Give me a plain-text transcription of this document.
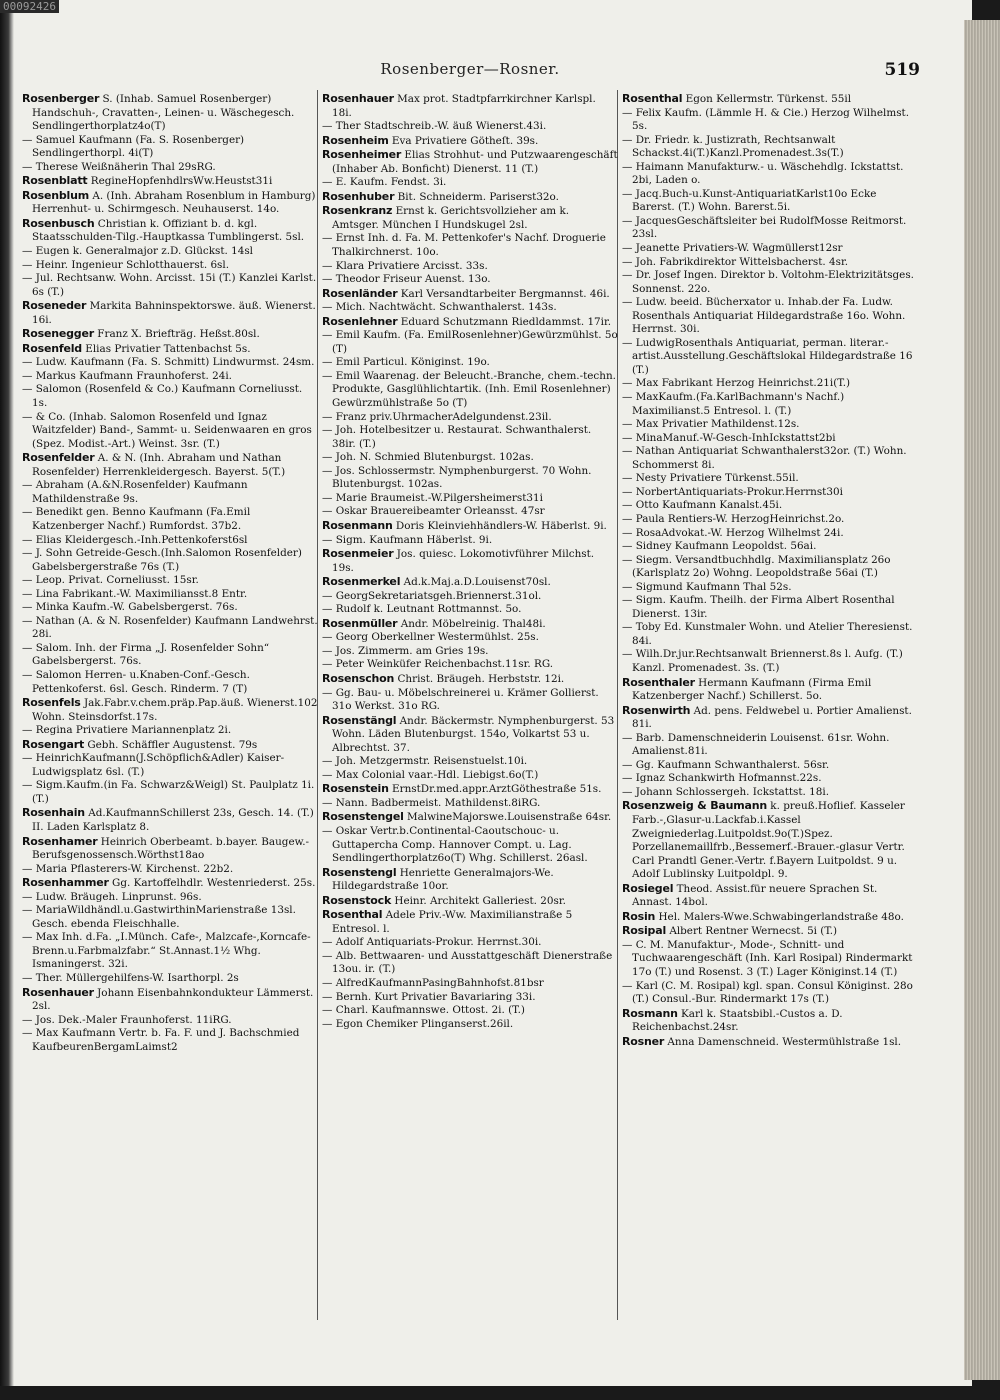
00092426
Rosenberger—Rosner.	519

Rosenberger S. (Inhab. Samuel Rosenberger) Handschuh-, Cravatten-, Leinen- u. Wäschegesch. Sendlingerthorplatz4o(T)

— Samuel Kaufmann (Fa. S. Rosenberger) Sendlingerthorpl. 4i(T)

— Therese Weißnäherin Thal 29sRG.

Rosenblatt RegineHopfenhdlrsWw.Heustst31i

Rosenblum A. (Inh. Abraham Rosenblum in Hamburg) Herrenhut- u. Schirmgesch. Neuhauserst. 14o.

Rosenbusch Christian k. Offiziant b. d. kgl. Staatsschulden-Tilg.-Hauptkassa Tumblingerst. 5sl.

— Eugen k. Generalmajor z.D. Glückst. 14sl

— Heinr. Ingenieur Schlotthauerst. 6sl.

— Jul. Rechtsanw. Wohn. Arcisst. 15i (T.) Kanzlei Karlst. 6s (T.)

Roseneder Markita Bahninspektorswe. äuß. Wienerst. 16i.

Rosenegger Franz X. Briefträg. Heßst.80sl.

Rosenfeld Elias Privatier Tattenbachst 5s.

— Ludw. Kaufmann (Fa. S. Schmitt) Lindwurmst. 24sm.

— Markus Kaufmann Fraunhoferst. 24i.

— Salomon (Rosenfeld & Co.) Kaufmann Corneliusst. 1s.

— & Co. (Inhab. Salomon Rosenfeld und Ignaz Waitzfelder) Band-, Sammt- u. Seidenwaaren en gros (Spez. Modist.-Art.) Weinst. 3sr. (T.)

Rosenfelder A. & N. (Inh. Abraham und Nathan Rosenfelder) Herrenkleidergesch. Bayerst. 5(T.)

— Abraham (A.&N.Rosenfelder) Kaufmann Mathildenstraße 9s.

— Benedikt gen. Benno Kaufmann (Fa.Emil Katzenberger Nachf.) Rumfordst. 37b2.

— Elias Kleidergesch.-Inh.Pettenkoferst6sl

— J. Sohn Getreide-Gesch.(Inh.Salomon Rosenfelder) Gabelsbergerstraße 76s (T.)

— Leop. Privat. Corneliusst. 15sr.

— Lina Fabrikant.-W. Maximiliansst.8 Entr.

— Minka Kaufm.-W. Gabelsbergerst. 76s.

— Nathan (A. & N. Rosenfelder) Kaufmann Landwehrst. 28i.

— Salom. Inh. der Firma „J. Rosenfelder Sohn“ Gabelsbergerst. 76s.

— Salomon Herren- u.Knaben-Conf.-Gesch. Pettenkoferst. 6sl. Gesch. Rinderm. 7 (T)

Rosenfels Jak.Fabr.v.chem.präp.Pap.äuß. Wienerst.102 Wohn. Steinsdorfst.17s.

— Regina Privatiere Mariannenplatz 2i.

Rosengart Gebh. Schäffler Augustenst. 79s

— HeinrichKaufmann(J.Schöpflich&Adler) Kaiser-Ludwigsplatz 6sl. (T.)

— Sigm.Kaufm.(in Fa. Schwarz&Weigl) St. Paulplatz 1i. (T.)

Rosenhain Ad.KaufmannSchillerst 23s, Gesch. 14. (T.) II. Laden Karlsplatz 8.

Rosenhamer Heinrich Oberbeamt. b.bayer. Baugew.-Berufsgenossensch.Wörthst18ao

— Maria Pflasterers-W. Kirchenst. 22b2.

Rosenhammer Gg. Kartoffelhdlr. Westenriederst. 25s.

— Ludw. Bräugeh. Linprunst. 96s.

— MariaWildhändl.u.GastwirthinMarienstraße 13sl. Gesch. ebenda Fleischhalle.

— Max Inh. d.Fa. „I.Münch. Cafe-, Malzcafe-,Korncafe-Brenn.u.Farbmalzfabr.“ St.Annast.1½ Whg. Ismaningerst. 32i.

— Ther. Müllergehilfens-W. Isarthorpl. 2s

Rosenhauer Johann Eisenbahnkondukteur Lämmerst. 2sl.

— Jos. Dek.-Maler Fraunhoferst. 11iRG.

— Max Kaufmann Vertr. b. Fa. F. und J. Bachschmied KaufbeurenBergamLaimst2

Rosenhauer Max prot. Stadtpfarrkirchner Karlspl. 18i.

— Ther Stadtschreib.-W. äuß Wienerst.43i.

Rosenheim Eva Privatiere Götheſt. 39s.

Rosenheimer Elias Strohhut- und Putzwaarengeschäft (Inhaber Ab. Bonficht) Dienerst. 11 (T.)

— E. Kaufm. Fendst. 3i.

Rosenhuber Bit. Schneiderm. Pariserst32o.

Rosenkranz Ernst k. Gerichtsvollzieher am k. Amtsger. München I Hundskugel 2sl.

— Ernst Inh. d. Fa. M. Pettenkofer's Nachf. Droguerie Thalkirchnerst. 10o.

— Klara Privatiere Arcisst. 33s.

— Theodor Friseur Auenst. 13o.

Rosenländer Karl Versandtarbeiter Bergmannst. 46i.

— Mich. Nachtwächt. Schwanthalerst. 143s.

Rosenlehner Eduard Schutzmann Riedldammst. 17ir.

— Emil Kaufm. (Fa. EmilRosenlehner)Gewürzmühlst. 5o (T)

— Emil Particul. Königinst. 19o.

— Emil Waarenag. der Beleucht.-Branche, chem.-techn. Produkte, Gasglühlichtartik. (Inh. Emil Rosenlehner) Gewürzmühlstraße 5o (T)

— Franz priv.UhrmacherAdelgundenst.23il.

— Joh. Hotelbesitzer u. Restaurat. Schwanthalerst. 38ir. (T.)

— Joh. N. Schmied Blutenburgst. 102as.

— Jos. Schlossermstr. Nymphenburgerst. 70 Wohn. Blutenburgst. 102as.

— Marie Braumeist.-W.Pilgersheimerst31i

— Oskar Brauereibeamter Orleansst. 47sr

Rosenmann Doris Kleinviehhändlers-W. Häberlst. 9i.

— Sigm. Kaufmann Häberlst. 9i.

Rosenmeier Jos. quiesc. Lokomotivführer Milchst. 19s.

Rosenmerkel Ad.k.Maj.a.D.Louisenst70sl.

— GeorgSekretariatsgeh.Briennerst.31ol.

— Rudolf k. Leutnant Rottmannst. 5o.

Rosenmüller Andr. Möbelreinig. Thal48i.

— Georg Oberkellner Westermühlst. 25s.

— Jos. Zimmerm. am Gries 19s.

— Peter Weinküfer Reichenbachst.11sr. RG.

Rosenschon Christ. Bräugeh. Herbststr. 12i.

— Gg. Bau- u. Möbelschreinerei u. Krämer Gollierst. 31o Werkst. 31o RG.

Rosenstängl Andr. Bäckermstr. Nymphenburgerst. 53 Wohn. Läden Blutenburgst. 154o, Volkartst 53 u. Albrechtst. 37.

— Joh. Metzgermstr. Reisenstuelst.10i.

— Max Colonial vaar.-Hdl. Liebigst.6o(T.)

Rosenstein ErnstDr.med.appr.ArztGöthestraße 51s.

— Nann. Badbermeist. Mathildenst.8iRG.

Rosenstengel MalwineMajorswe.Louisenstraße 64sr.

— Oskar Vertr.b.Continental-Caoutschouc- u. Guttapercha Comp. Hannover Compt. u. Lag. Sendlingerthorplatz6o(T) Whg. Schillerst. 26asl.

Rosenstengl Henriette Generalmajors-We. Hildegardstraße 10or.

Rosenstock Heinr. Architekt Galleriest. 20sr.

Rosenthal Adele Priv.-Ww. Maximilianstraße 5 Entresol. l.

— Adolf Antiquariats-Prokur. Herrnst.30i.

— Alb. Bettwaaren- und Ausstattgeschäft Dienerstraße 13ou. ir. (T.)

— AlfredKaufmannPasingBahnhofst.81bsr

— Bernh. Kurt Privatier Bavariaring 33i.

— Charl. Kaufmannswe. Ottost. 2i. (T.)

— Egon Chemiker Plinganserst.26il.

Rosenthal Egon Kellermstr. Türkenst. 55il

— Felix Kaufm. (Lämmle H. & Cie.) Herzog Wilhelmst. 5s.

— Dr. Friedr. k. Justizrath, Rechtsanwalt Schackst.4i(T.)Kanzl.Promenadest.3s(T.)

— Haimann Manufakturw.- u. Wäschehdlg. Ickstattst. 2bi, Laden o.

— Jacq.Buch-u.Kunst-AntiquariatKarlst10o Ecke Barerst. (T.) Wohn. Barerst.5i.

— JacquesGeschäftsleiter bei RudolfMosse Reitmorst. 23sl.

— Jeanette Privatiers-W. Wagmüllerst12sr

— Joh. Fabrikdirektor Wittelsbacherst. 4sr.

— Dr. Josef Ingen. Direktor b. Voltohm-Elektrizitätsges. Sonnenst. 22o.

— Ludw. beeid. Bücherxator u. Inhab.der Fa. Ludw. Rosenthals Antiquariat Hildegardstraße 16o. Wohn. Herrnst. 30i.

— LudwigRosenthals Antiquariat, perman. literar.-artist.Ausstellung.Geschäftslokal Hildegardstraße 16 (T.)

— Max Fabrikant Herzog Heinrichst.21i(T.)

— MaxKaufm.(Fa.KarlBachmann's Nachf.) Maximilianst.5 Entresol. l. (T.)

— Max Privatier Mathildenst.12s.

— MinaManuf.-W-Gesch-InhIckstattst2bi

— Nathan Antiquariat Schwanthalerst32or. (T.) Wohn. Schommerst 8i.

— Nesty Privatiere Türkenst.55il.

— NorbertAntiquariats-Prokur.Herrnst30i

— Otto Kaufmann Kanalst.45i.

— Paula Rentiers-W. HerzogHeinrichst.2o.

— RosaAdvokat.-W. Herzog Wilhelmst 24i.

— Sidney Kaufmann Leopoldst. 56ai.

— Siegm. Versandtbuchhdlg. Maximiliansplatz 26o (Karlsplatz 2o) Wohng. Leopoldstraße 56ai (T.)

— Sigmund Kaufmann Thal 52s.

— Sigm. Kaufm. Theilh. der Firma Albert Rosenthal Dienerst. 13ir.

— Toby Ed. Kunstmaler Wohn. und Atelier Theresienst. 84i.

— Wilh.Dr.jur.Rechtsanwalt Briennerst.8s l. Aufg. (T.) Kanzl. Promenadest. 3s. (T.)

Rosenthaler Hermann Kaufmann (Firma Emil Katzenberger Nachf.) Schillerst. 5o.

Rosenwirth Ad. pens. Feldwebel u. Portier Amalienst. 81i.

— Barb. Damenschneiderin Louisenst. 61sr. Wohn. Amalienst.81i.

— Gg. Kaufmann Schwanthalerst. 56sr.

— Ignaz Schankwirth Hofmannst.22s.

— Johann Schlossergeh. Ickstattst. 18i.

Rosenzweig & Baumann k. preuß.Hoflief. Kasseler Farb.-,Glasur-u.Lackfab.i.Kassel Zweigniederlag.Luitpoldst.9o(T.)Spez. Porzellanemaillfrb.,Bessemerf.-Brauer.-glasur Vertr. Carl Prandtl Gener.-Vertr. f.Bayern Luitpoldst. 9 u. Adolf Lublinsky Luitpoldpl. 9.

Rosiegel Theod. Assist.für neuere Sprachen St. Annast. 14bol.

Rosin Hel. Malers-Wwe.Schwabingerlandstraße 48o.

Rosipal Albert Rentner Wernecst. 5i (T.)

— C. M. Manufaktur-, Mode-, Schnitt- und Tuchwaarengeschäft (Inh. Karl Rosipal) Rindermarkt 17o (T.) und Rosenst. 3 (T.) Lager Königinst.14 (T.)

— Karl (C. M. Rosipal) kgl. span. Consul Königinst. 28o (T.) Consul.-Bur. Rindermarkt 17s (T.)

Rosmann Karl k. Staatsbibl.-Custos a. D. Reichenbachst.24sr.

Rosner Anna Damenschneid. Westermühlstraße 1sl.
